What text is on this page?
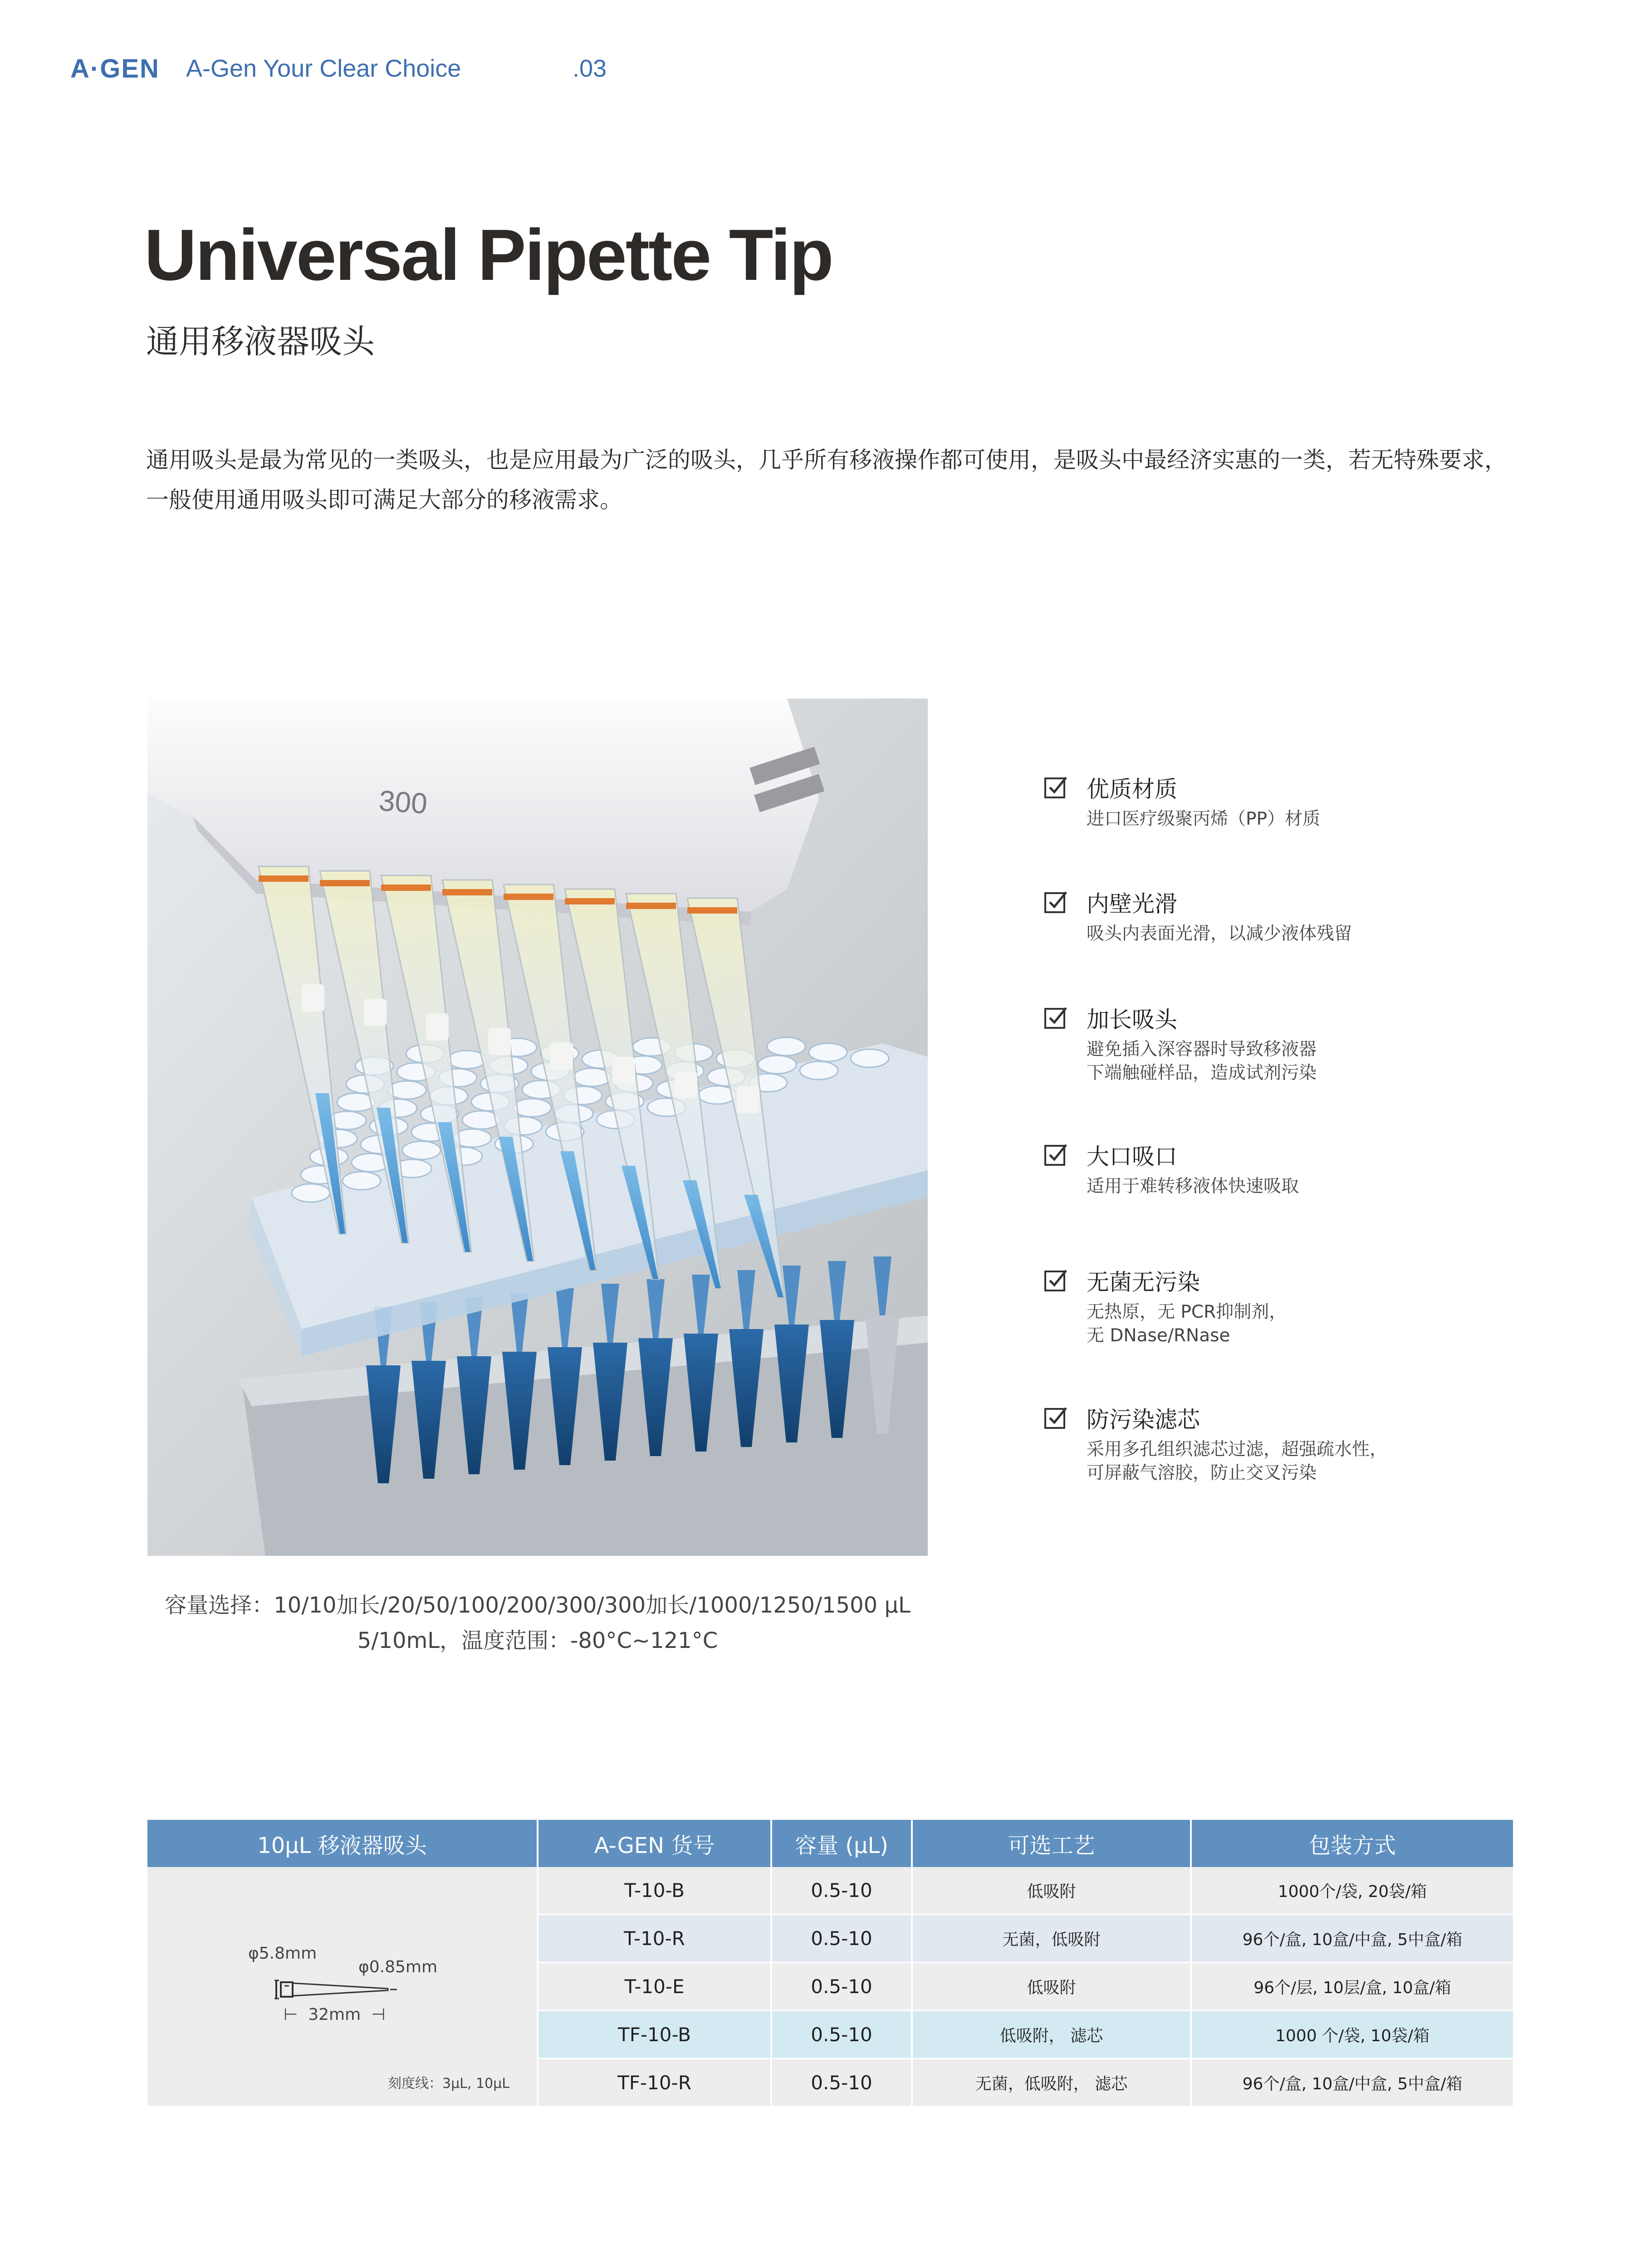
A·GEN A-Gen Your Clear Choice	.03
Universal Pipette Tip
通用移液器吸头
通用吸头是最为常见的一类吸头，也是应用最为广泛的吸头，几乎所有移液操作都可使用，是吸头中最经济实惠的一类，若无特殊要求，一般使用通用吸头即可满足大部分的移液需求。
300
容量选择：10/10加长/20/50/100/200/300/300加长/1000/1250/1500 µL
5/10mL，温度范围：-80°C~121°C
优质材质
进口医疗级聚丙烯（PP）材质
内壁光滑
吸头内表面光滑，以减少液体残留
加长吸头
避免插入深容器时导致移液器
下端触碰样品，造成试剂污染
大口吸口
适用于难转移液体快速吸取
无菌无污染
无热原，无 PCR抑制剂，
无 DNase/RNase
防污染滤芯
采用多孔组织滤芯过滤，超强疏水性，
可屏蔽气溶胶，防止交叉污染
10µL 移液器吸头	A-GEN 货号	容量 (µL)	可选工艺	包装方式

φ5.8mm
φ0.85mm
⊢  32mm  ⊣
刻度线：3µL, 10µL	T-10-B	0.5-10	低吸附	1000个/袋, 20袋/箱
	T-10-R	0.5-10	无菌，低吸附	96个/盒, 10盒/中盒, 5中盒/箱
	T-10-E	0.5-10	低吸附	96个/层, 10层/盒, 10盒/箱
	TF-10-B	0.5-10	低吸附， 滤芯	1000 个/袋, 10袋/箱
	TF-10-R	0.5-10	无菌，低吸附， 滤芯	96个/盒, 10盒/中盒, 5中盒/箱
